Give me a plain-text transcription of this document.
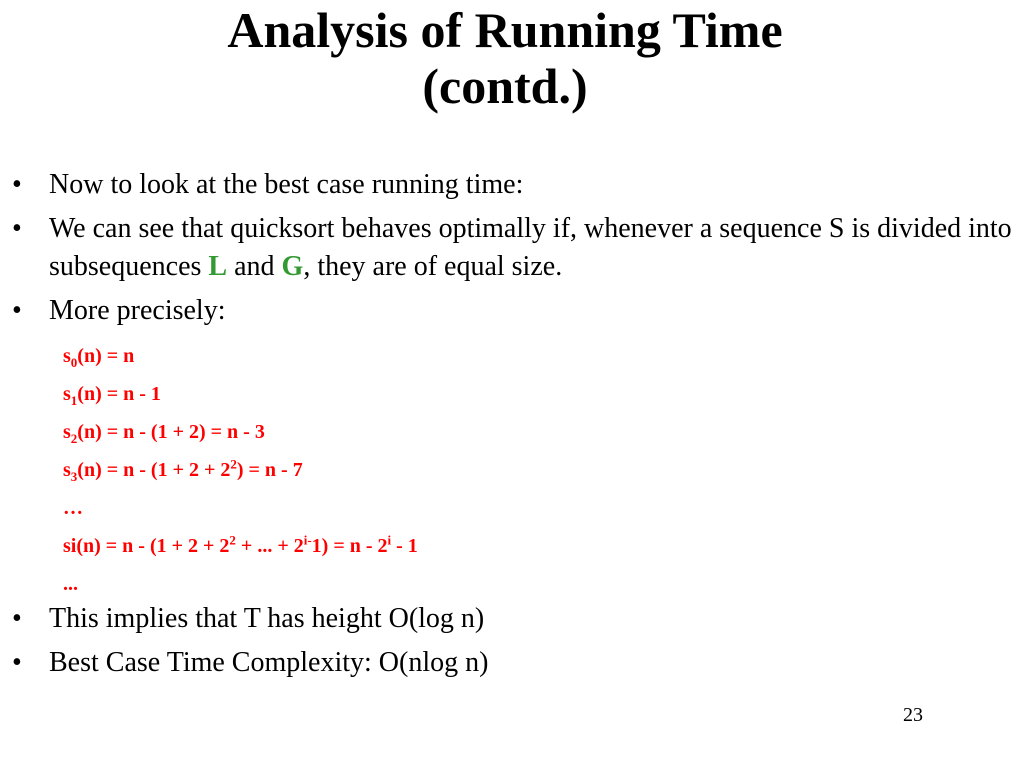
Analysis of Running Time
(contd.)
• Now to look at the best case running time:
• We can see that quicksort behaves optimally if, whenever a sequence S is divided into subsequences L and G, they are of equal size.
• More precisely:
$s_0(n) = n$
$s_1(n) = n - 1$
$s_2(n) = n - (1 + 2) = n - 3$
$s_3(n) = n - (1 + 2 + 2^2) = n - 7$
…
$si(n) = n - (1 + 2 + 2^2$ + ... + $2^{i-}1) = n - 2^i - 1$
...
• This implies that T has height O(log n)
• Best Case Time Complexity: O(nlog n)
23
